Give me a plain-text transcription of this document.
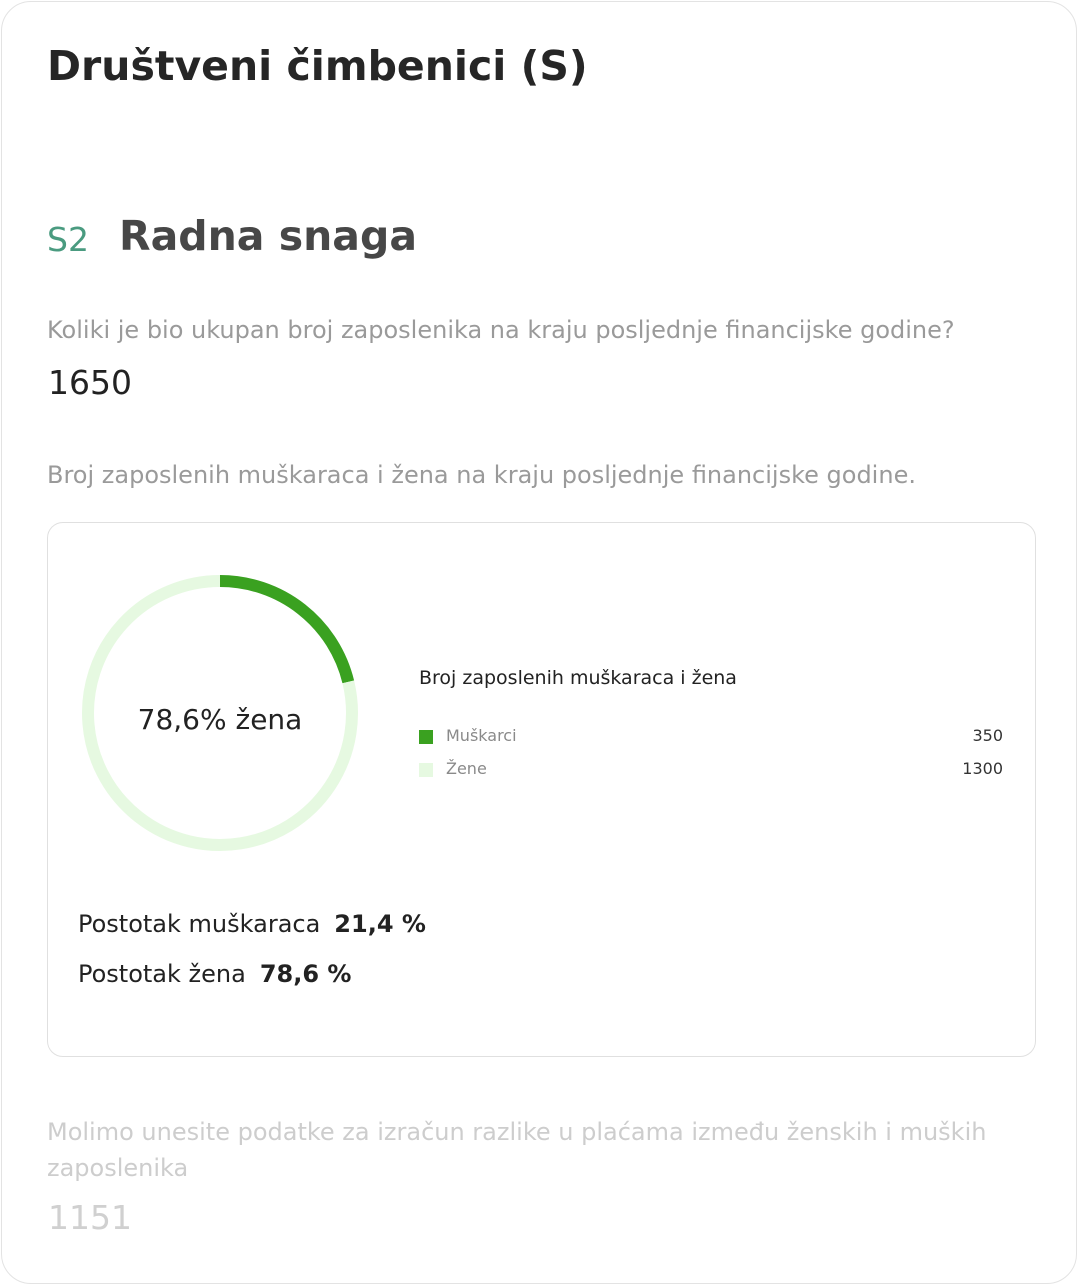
Društveni čimbenici (S)
S2 Radna snaga
Koliki je bio ukupan broj zaposlenika na kraju posljednje financijske godine?
1650
Broj zaposlenih muškaraca i žena na kraju posljednje financijske godine.
78,6% žena
Broj zaposlenih muškaraca i žena
Muškarci	350
Žene	1300
Postotak muškaraca 21,4 %
Postotak žena 78,6 %
Molimo unesite podatke za izračun razlike u plaćama između ženskih i muških zaposlenika
1151
